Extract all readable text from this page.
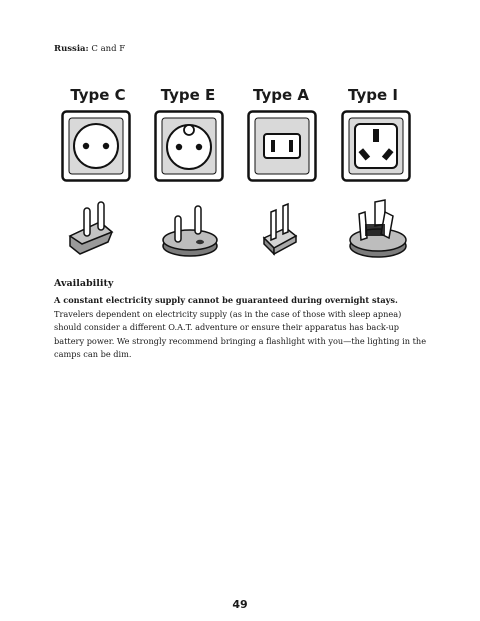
Russia: C and F
Type C	Type E	Type A	Type I
Availability
A constant electricity supply cannot be guaranteed during overnight stays. Travelers dependent on electricity supply (as in the case of those with sleep apnea) should consider a different O.A.T. adventure or ensure their apparatus has back-up battery power. We strongly recommend bringing a flashlight with you—the lighting in the camps can be dim.
49
